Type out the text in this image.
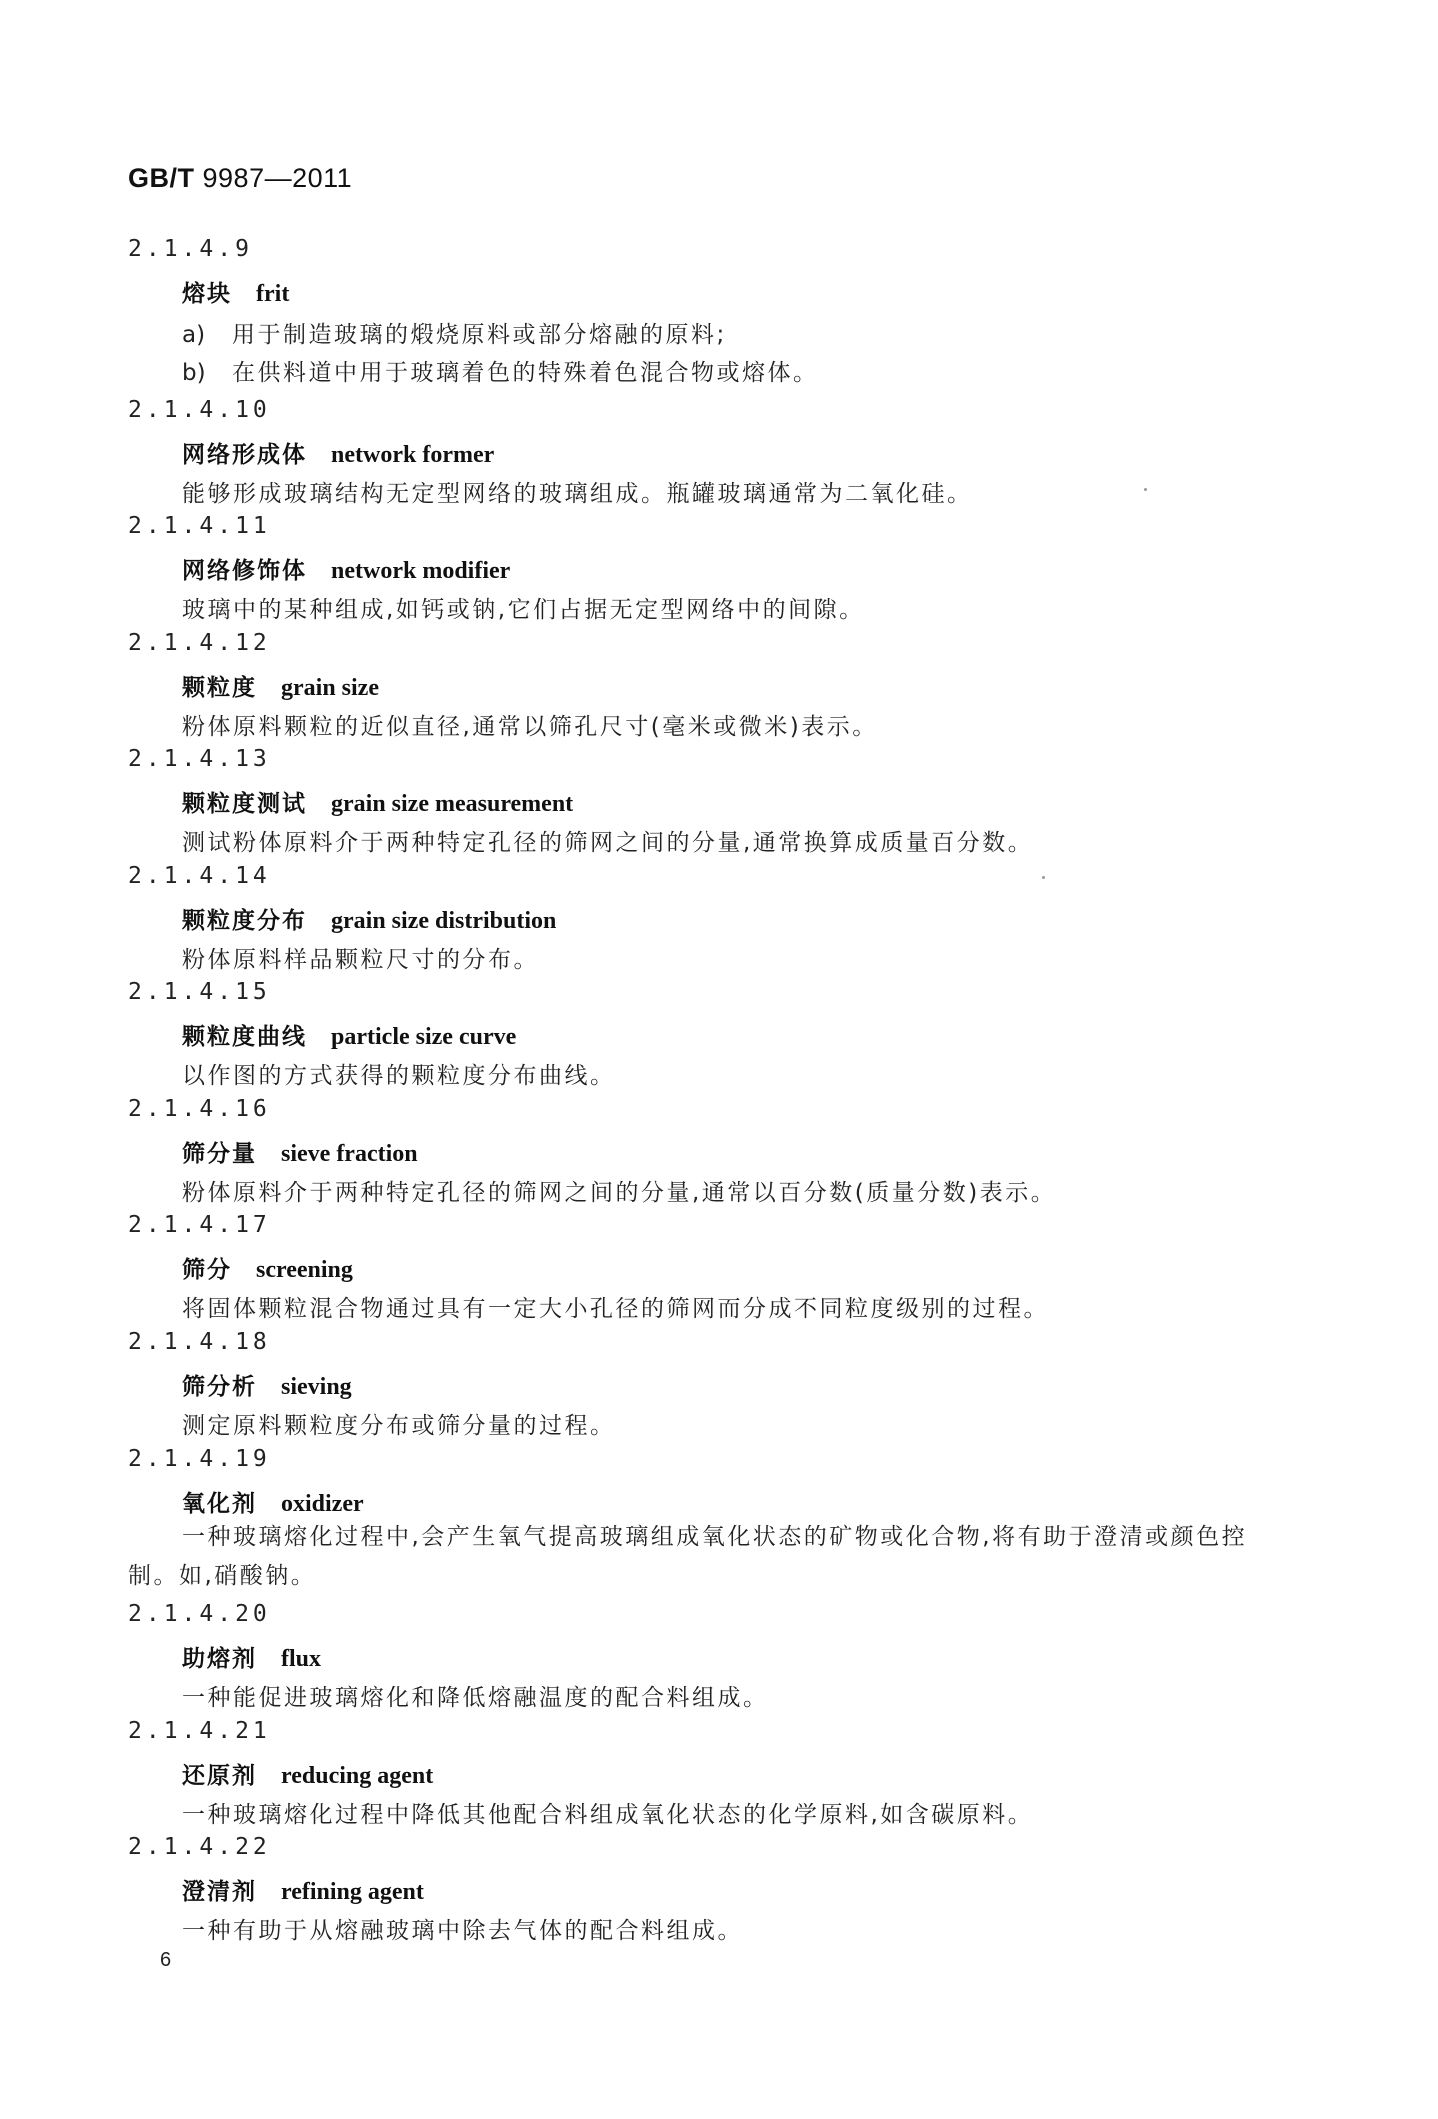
GB/T 9987—2011
2.1.4.9
熔块 frit
a) 用于制造玻璃的煅烧原料或部分熔融的原料;
b) 在供料道中用于玻璃着色的特殊着色混合物或熔体。
2.1.4.10
网络形成体 network former
能够形成玻璃结构无定型网络的玻璃组成。瓶罐玻璃通常为二氧化硅。
2.1.4.11
网络修饰体 network modifier
玻璃中的某种组成,如钙或钠,它们占据无定型网络中的间隙。
2.1.4.12
颗粒度 grain size
粉体原料颗粒的近似直径,通常以筛孔尺寸(毫米或微米)表示。
2.1.4.13
颗粒度测试 grain size measurement
测试粉体原料介于两种特定孔径的筛网之间的分量,通常换算成质量百分数。
2.1.4.14
颗粒度分布 grain size distribution
粉体原料样品颗粒尺寸的分布。
2.1.4.15
颗粒度曲线 particle size curve
以作图的方式获得的颗粒度分布曲线。
2.1.4.16
筛分量 sieve fraction
粉体原料介于两种特定孔径的筛网之间的分量,通常以百分数(质量分数)表示。
2.1.4.17
筛分 screening
将固体颗粒混合物通过具有一定大小孔径的筛网而分成不同粒度级别的过程。
2.1.4.18
筛分析 sieving
测定原料颗粒度分布或筛分量的过程。
2.1.4.19
氧化剂 oxidizer
一种玻璃熔化过程中,会产生氧气提高玻璃组成氧化状态的矿物或化合物,将有助于澄清或颜色控制。如,硝酸钠。
2.1.4.20
助熔剂 flux
一种能促进玻璃熔化和降低熔融温度的配合料组成。
2.1.4.21
还原剂 reducing agent
一种玻璃熔化过程中降低其他配合料组成氧化状态的化学原料,如含碳原料。
2.1.4.22
澄清剂 refining agent
一种有助于从熔融玻璃中除去气体的配合料组成。
6
